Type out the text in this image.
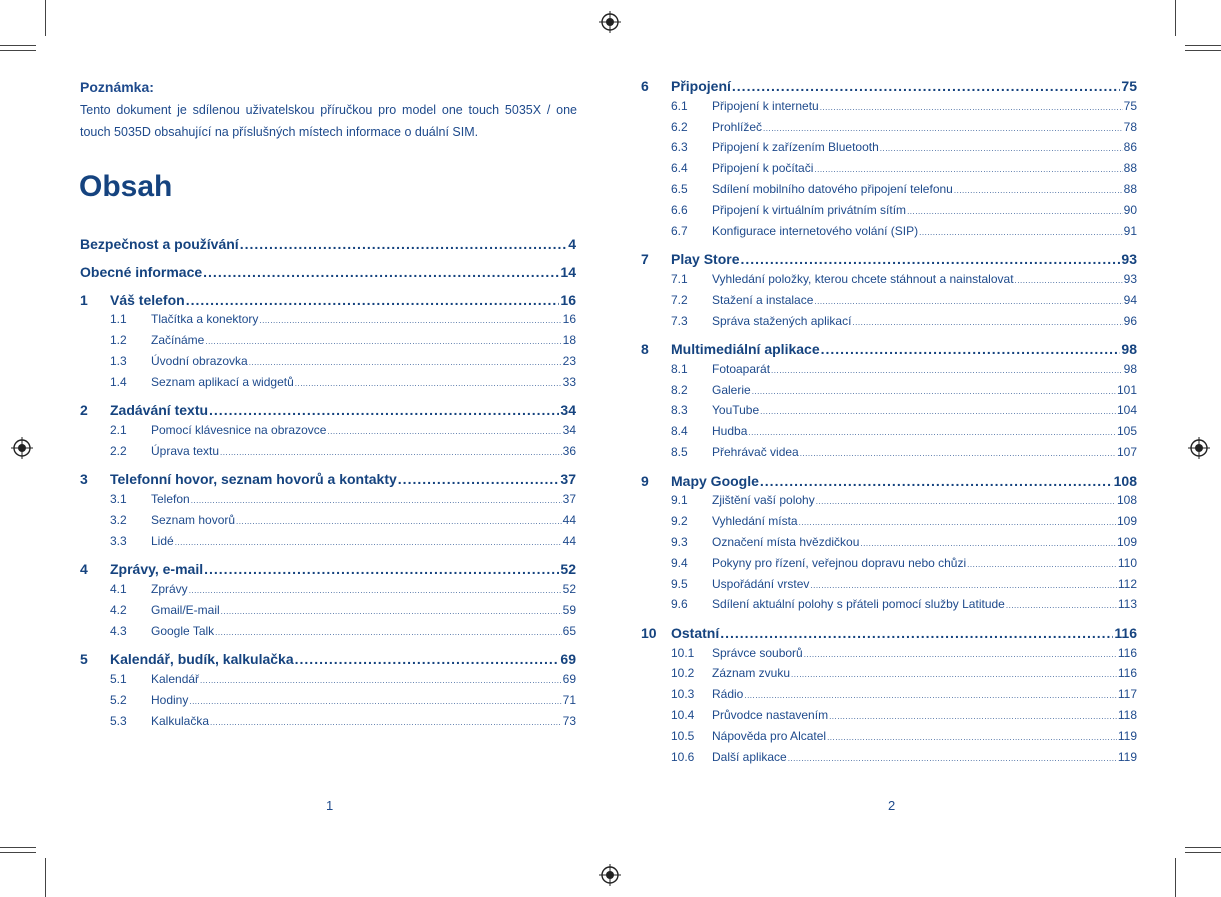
Poznámka:
Tento dokument je sdílenou uživatelskou příručkou pro model one touch 5035X / one touch 5035D obsahující na příslušných místech informace o duální SIM.
Obsah
Bezpečnost a používání .....	4
Obecné informace .....	14
1	Váš telefon .....	16
1.1	Tlačítka a konektory .....	16
1.2	Začínáme .....	18
1.3	Úvodní obrazovka .....	23
1.4	Seznam aplikací a widgetů .....	33
2	Zadávání textu .....	34
2.1	Pomocí klávesnice na obrazovce .....	34
2.2	Úprava textu .....	36
3	Telefonní hovor, seznam hovorů a kontakty .....	37
3.1	Telefon .....	37
3.2	Seznam hovorů .....	44
3.3	Lidé .....	44
4	Zprávy, e-mail .....	52
4.1	Zprávy .....	52
4.2	Gmail/E-mail .....	59
4.3	Google Talk .....	65
5	Kalendář, budík, kalkulačka .....	69
5.1	Kalendář .....	69
5.2	Hodiny .....	71
5.3	Kalkulačka .....	73
6	Připojení .....	75
6.1	Připojení k internetu .....	75
6.2	Prohlížeč .....	78
6.3	Připojení k zařízením Bluetooth .....	86
6.4	Připojení k počítači .....	88
6.5	Sdílení mobilního datového připojení telefonu .....	88
6.6	Připojení k virtuálním privátním sítím .....	90
6.7	Konfigurace internetového volání (SIP) .....	91
7	Play Store .....	93
7.1	Vyhledání položky, kterou chcete stáhnout a nainstalovat .....	93
7.2	Stažení a instalace .....	94
7.3	Správa stažených aplikací .....	96
8	Multimediální aplikace .....	98
8.1	Fotoaparát .....	98
8.2	Galerie .....	101
8.3	YouTube .....	104
8.4	Hudba .....	105
8.5	Přehrávač videa .....	107
9	Mapy Google .....	108
9.1	Zjištění vaší polohy .....	108
9.2	Vyhledání místa .....	109
9.3	Označení místa hvězdičkou .....	109
9.4	Pokyny pro řízení, veřejnou dopravu nebo chůzi .....	110
9.5	Uspořádání vrstev .....	112
9.6	Sdílení aktuální polohy s přáteli pomocí služby Latitude .....	113
10	Ostatní .....	116
10.1	Správce souborů .....	116
10.2	Záznam zvuku .....	116
10.3	Rádio .....	117
10.4	Průvodce nastavením .....	118
10.5	Nápověda pro Alcatel .....	119
10.6	Další aplikace .....	119
1	2
